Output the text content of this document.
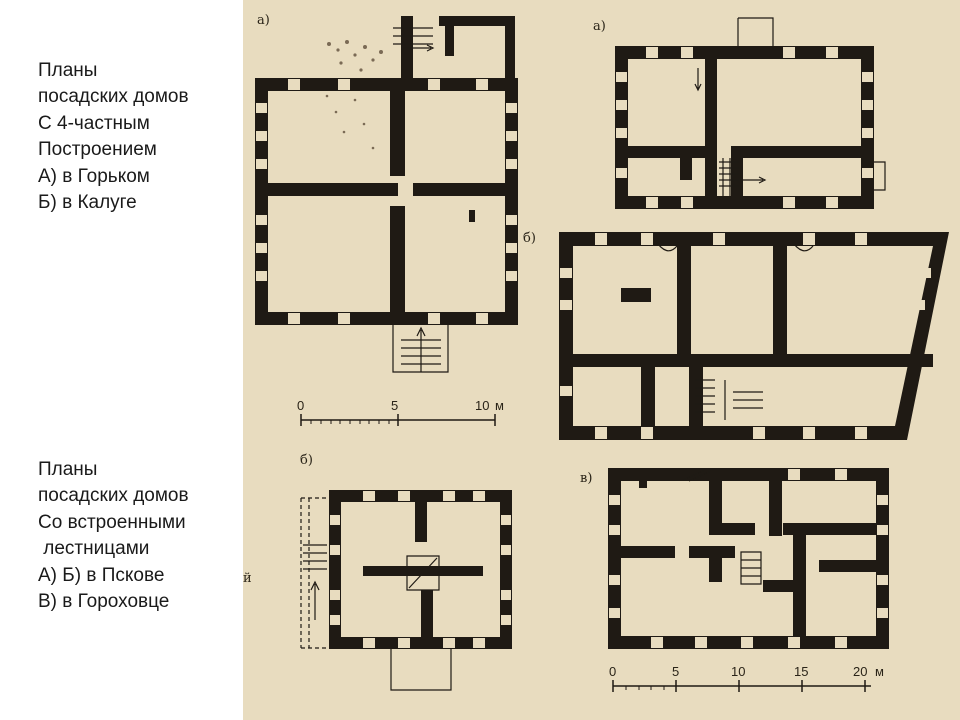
Планы
посадских домов
С 4-частным
Построением
А) в Горьком
Б) в Калуге
Планы
посадских домов
Со встроенными
лестницами
А) Б) в Пскове
В) в Гороховце
0	5	10 м
0	5	10	15	20 м
а)
б)
а)
б)
в)
й
